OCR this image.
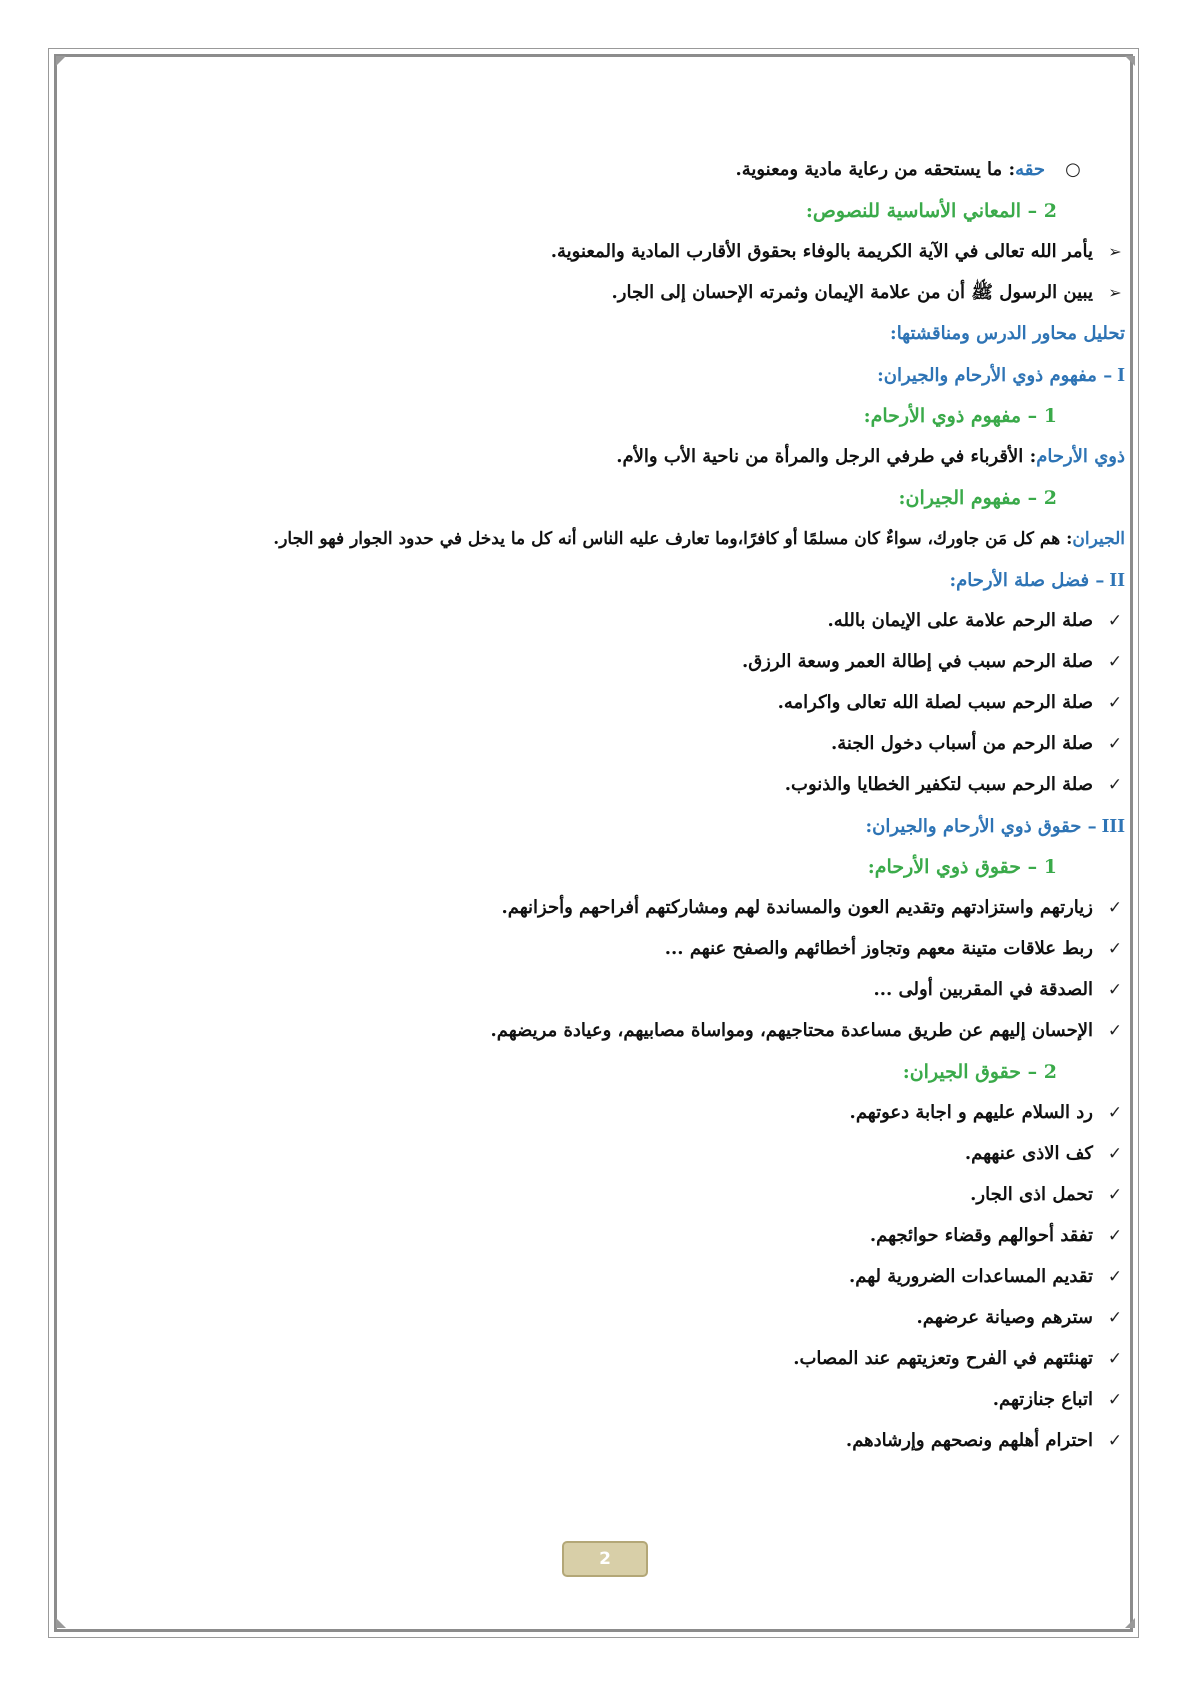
○
حقه: ما يستحقه من رعاية مادية ومعنوية.
2 – المعاني الأساسية للنصوص:
➢
يأمر الله تعالى في الآية الكريمة بالوفاء بحقوق الأقارب المادية والمعنوية.
➢
يبين الرسول ﷺ أن من علامة الإيمان وثمرته الإحسان إلى الجار.
تحليل محاور الدرس ومناقشتها:
I – مفهوم ذوي الأرحام والجيران:
1 – مفهوم ذوي الأرحام:
ذوي الأرحام: الأقرباء في طرفي الرجل والمرأة من ناحية الأب والأم.
2 – مفهوم الجيران:
الجيران: هم كل مَن جاورك، سواءٌ كان مسلمًا أو كافرًا،وما تعارف عليه الناس أنه كل ما يدخل في حدود الجوار فهو الجار.
II – فضل صلة الأرحام:
✓
صلة الرحم علامة على الإيمان بالله.
✓
صلة الرحم سبب في إطالة العمر وسعة الرزق.
✓
صلة الرحم سبب لصلة الله تعالى واكرامه.
✓
صلة الرحم من أسباب دخول الجنة.
✓
صلة الرحم سبب لتكفير الخطايا والذنوب.
III – حقوق ذوي الأرحام والجيران:
1 – حقوق ذوي الأرحام:
✓
زيارتهم واستزادتهم وتقديم العون والمساندة لهم ومشاركتهم أفراحهم وأحزانهم.
✓
ربط علاقات متينة معهم وتجاوز أخطائهم والصفح عنهم ...
✓
الصدقة في المقربين أولى ...
✓
الإحسان إليهم عن طريق مساعدة محتاجيهم، ومواساة مصابيهم، وعيادة مريضهم.
2 – حقوق الجيران:
✓
رد السلام عليهم و اجابة دعوتهم.
✓
كف الاذى عنههم.
✓
تحمل اذى الجار.
✓
تفقد أحوالهم وقضاء حوائجهم.
✓
تقديم المساعدات الضرورية لهم.
✓
سترهم وصيانة عرضهم.
✓
تهنئتهم في الفرح وتعزيتهم عند المصاب.
✓
اتباع جنازتهم.
✓
احترام أهلهم ونصحهم وإرشادهم.
2
